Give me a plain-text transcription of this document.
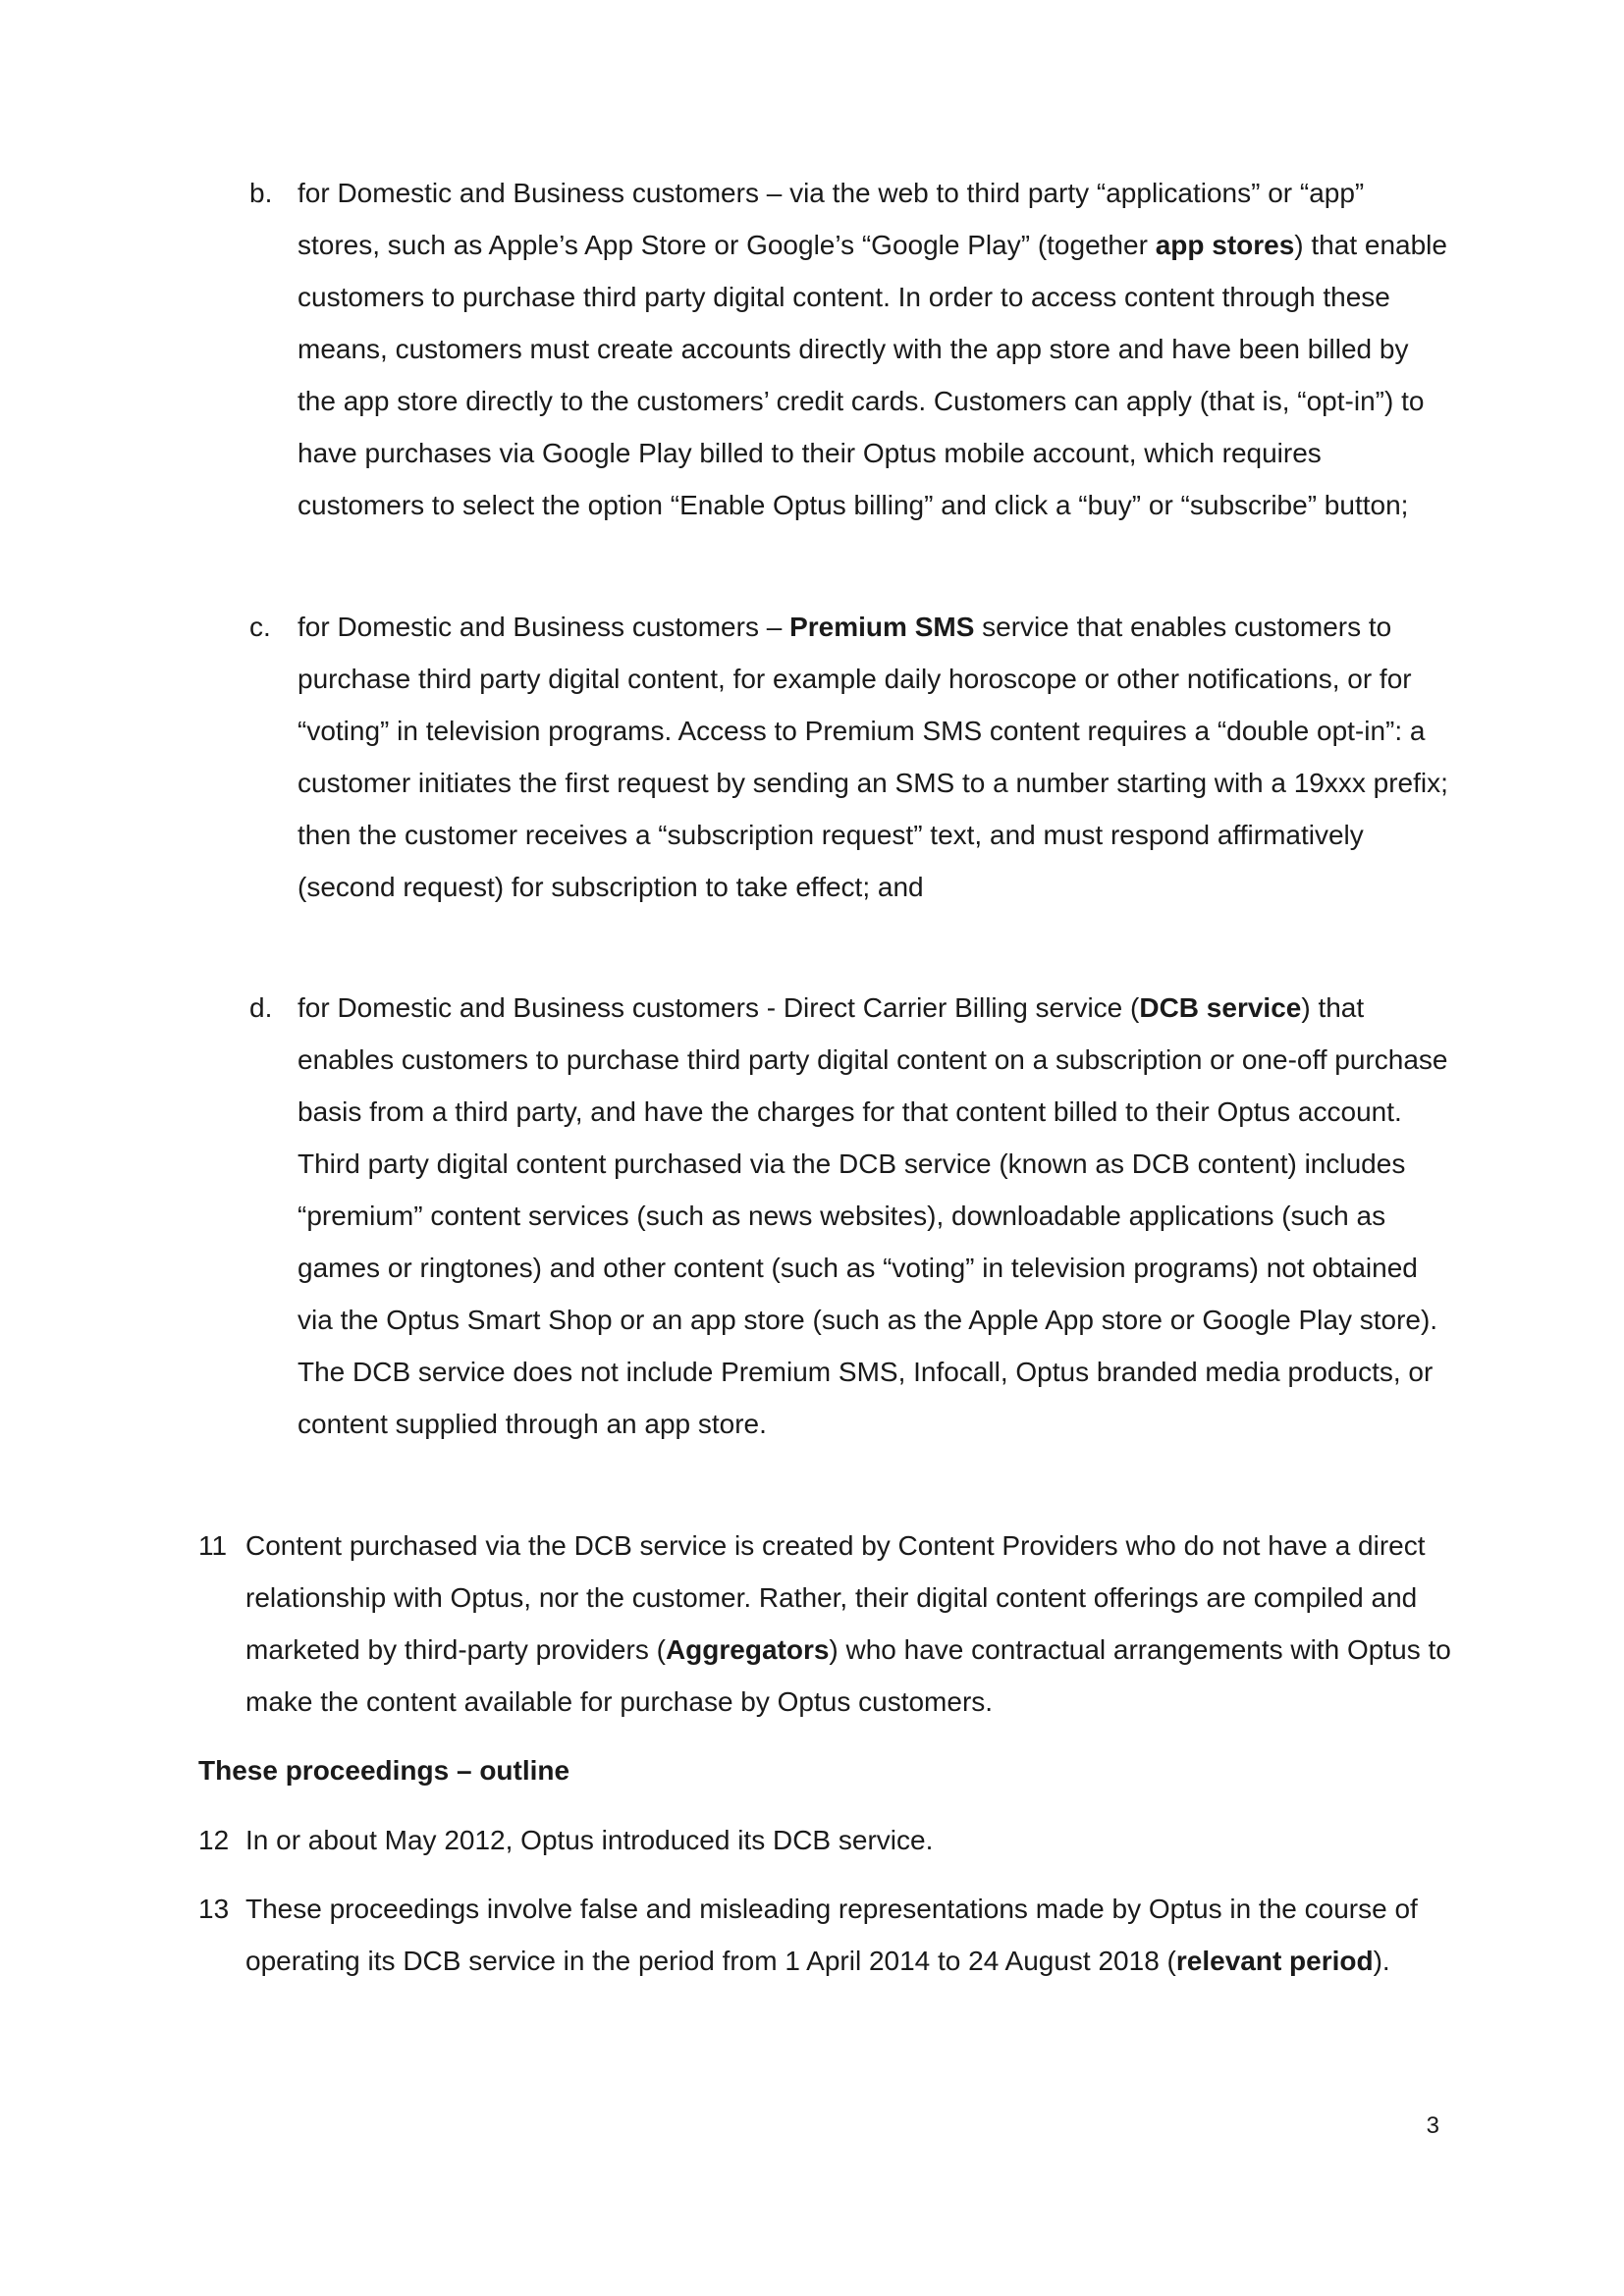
b. for Domestic and Business customers – via the web to third party “applications” or “app” stores, such as Apple’s App Store or Google’s “Google Play” (together app stores) that enable customers to purchase third party digital content. In order to access content through these means, customers must create accounts directly with the app store and have been billed by the app store directly to the customers’ credit cards. Customers can apply (that is, “opt-in”) to have purchases via Google Play billed to their Optus mobile account, which requires customers to select the option “Enable Optus billing” and click a “buy” or “subscribe” button;

c. for Domestic and Business customers – Premium SMS service that enables customers to purchase third party digital content, for example daily horoscope or other notifications, or for “voting” in television programs. Access to Premium SMS content requires a “double opt-in”: a customer initiates the first request by sending an SMS to a number starting with a 19xxx prefix; then the customer receives a “subscription request” text, and must respond affirmatively (second request) for subscription to take effect; and

d. for Domestic and Business customers - Direct Carrier Billing service (DCB service) that enables customers to purchase third party digital content on a subscription or one-off purchase basis from a third party, and have the charges for that content billed to their Optus account. Third party digital content purchased via the DCB service (known as DCB content) includes “premium” content services (such as news websites), downloadable applications (such as games or ringtones) and other content (such as “voting” in television programs) not obtained via the Optus Smart Shop or an app store (such as the Apple App store or Google Play store). The DCB service does not include Premium SMS, Infocall, Optus branded media products, or content supplied through an app store.

11 Content purchased via the DCB service is created by Content Providers who do not have a direct relationship with Optus, nor the customer. Rather, their digital content offerings are compiled and marketed by third-party providers (Aggregators) who have contractual arrangements with Optus to make the content available for purchase by Optus customers.

These proceedings – outline

12 In or about May 2012, Optus introduced its DCB service.

13 These proceedings involve false and misleading representations made by Optus in the course of operating its DCB service in the period from 1 April 2014 to 24 August 2018 (relevant period).

3
